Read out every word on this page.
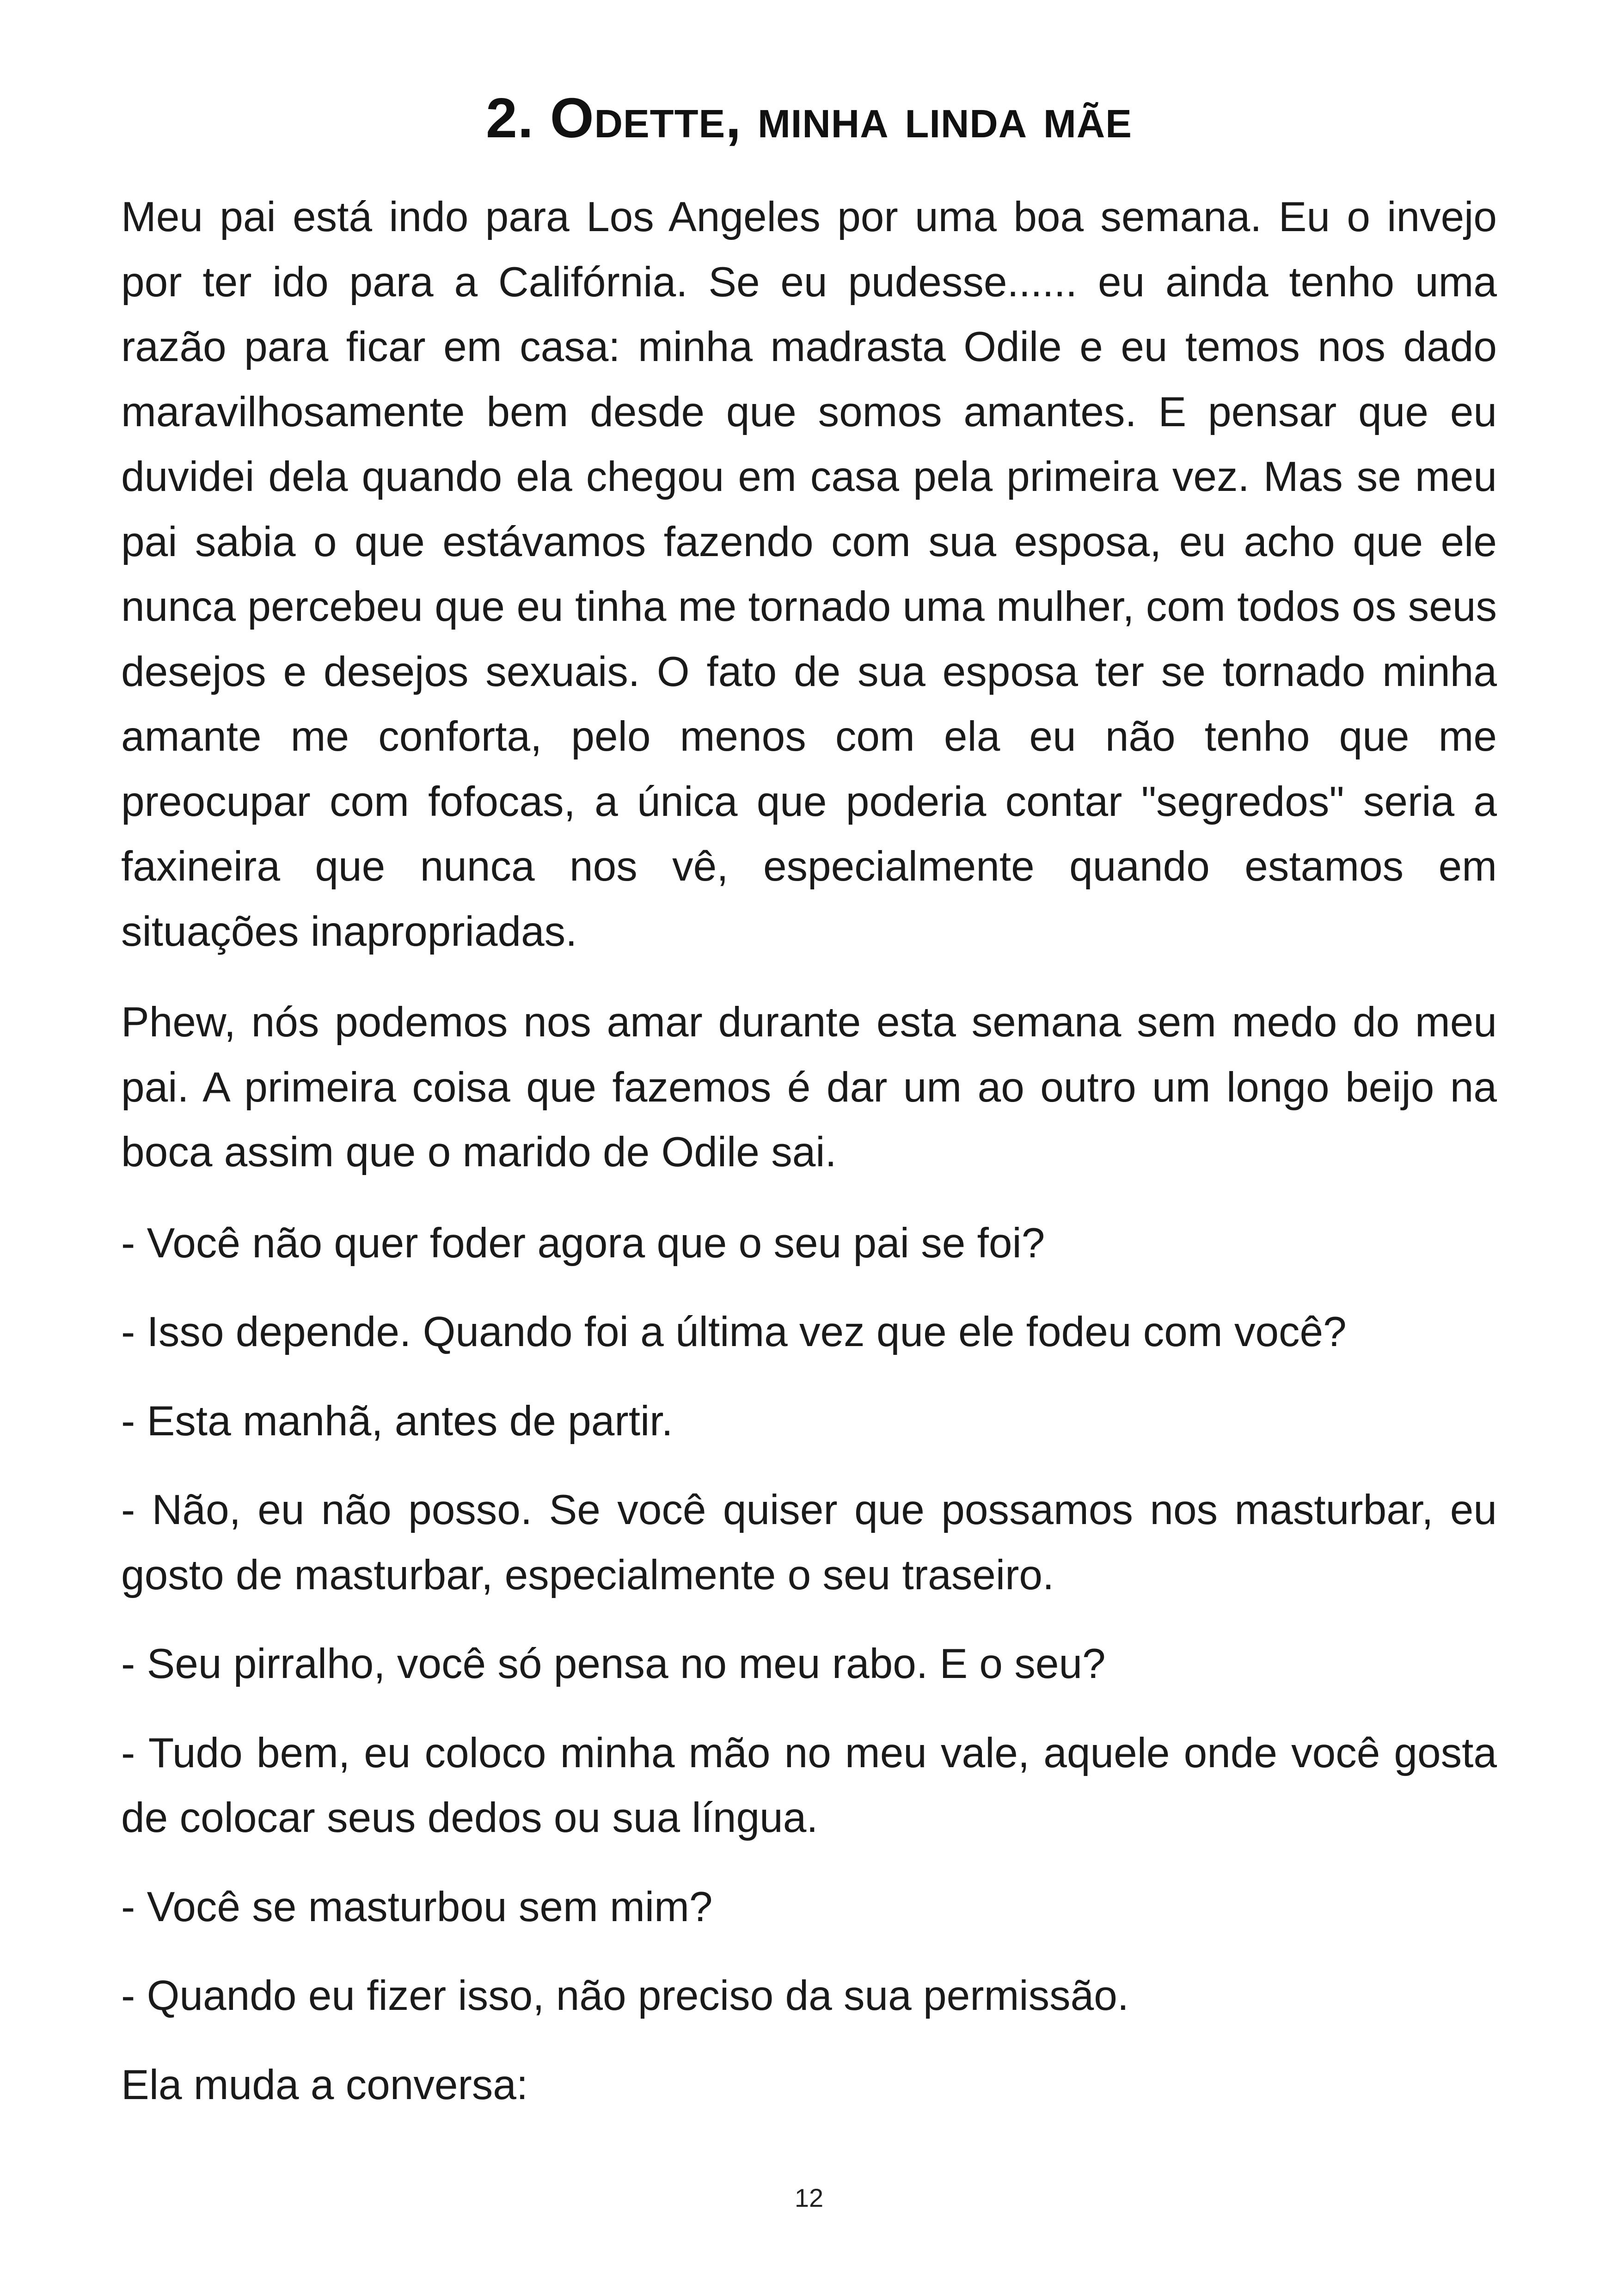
2. Odette, minha linda mãe

Meu pai está indo para Los Angeles por uma boa semana. Eu o invejo por ter ido para a Califórnia. Se eu pudesse...... eu ainda tenho uma razão para ficar em casa: minha madrasta Odile e eu temos nos dado maravilhosamente bem desde que somos amantes. E pensar que eu duvidei dela quando ela chegou em casa pela primeira vez. Mas se meu pai sabia o que estávamos fazendo com sua esposa, eu acho que ele nunca percebeu que eu tinha me tornado uma mulher, com todos os seus desejos e desejos sexuais. O fato de sua esposa ter se tornado minha amante me conforta, pelo menos com ela eu não tenho que me preocupar com fofocas, a única que poderia contar "segredos" seria a faxineira que nunca nos vê, especialmente quando estamos em situações inapropriadas.

Phew, nós podemos nos amar durante esta semana sem medo do meu pai. A primeira coisa que fazemos é dar um ao outro um longo beijo na boca assim que o marido de Odile sai.

- Você não quer foder agora que o seu pai se foi?

- Isso depende. Quando foi a última vez que ele fodeu com você?

- Esta manhã, antes de partir.

- Não, eu não posso. Se você quiser que possamos nos masturbar, eu gosto de masturbar, especialmente o seu traseiro.

- Seu pirralho, você só pensa no meu rabo. E o seu?

- Tudo bem, eu coloco minha mão no meu vale, aquele onde você gosta de colocar seus dedos ou sua língua.

- Você se masturbou sem mim?

- Quando eu fizer isso, não preciso da sua permissão.

Ela muda a conversa:

12
